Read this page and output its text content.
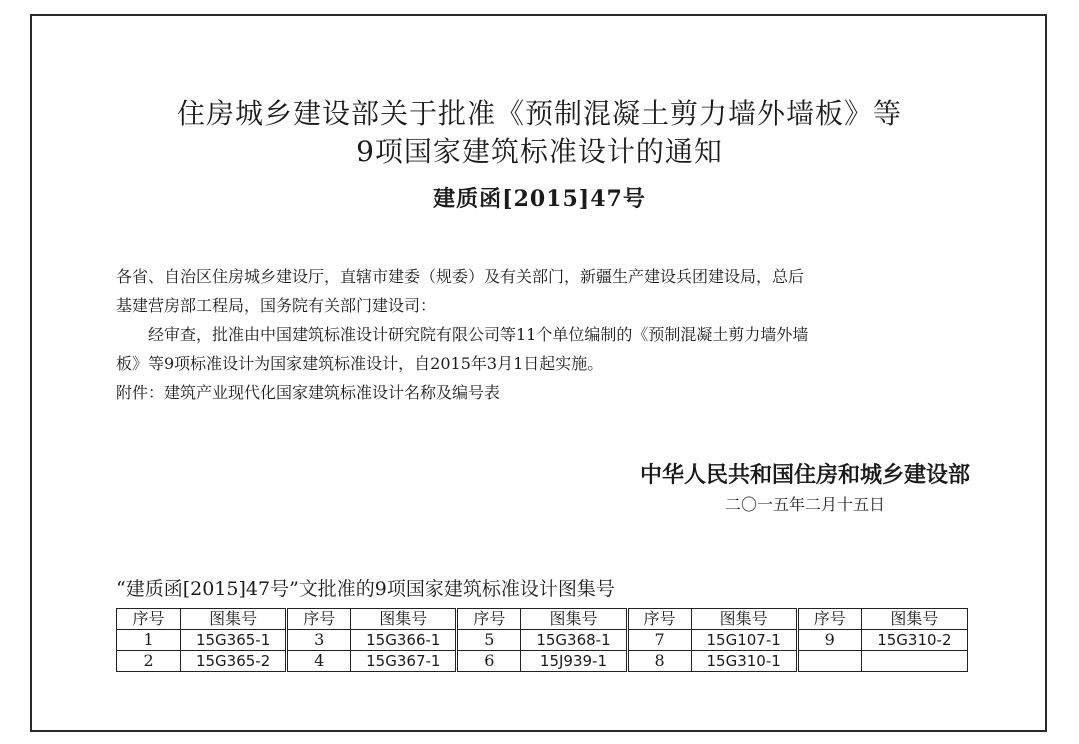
住房城乡建设部关于批准《预制混凝土剪力墙外墙板》等
9项国家建筑标准设计的通知
建质函[2015]47号
各省、自治区住房城乡建设厅，直辖市建委（规委）及有关部门，新疆生产建设兵团建设局，总后
基建营房部工程局，国务院有关部门建设司：
经审查，批准由中国建筑标准设计研究院有限公司等11个单位编制的《预制混凝土剪力墙外墙
板》等9项标准设计为国家建筑标准设计，自2015年3月1日起实施。
附件：建筑产业现代化国家建筑标准设计名称及编号表
中华人民共和国住房和城乡建设部
二〇一五年二月十五日
“建质函[2015]47号”文批准的9项国家建筑标准设计图集号
序号	图集号	序号	图集号	序号	图集号	序号	图集号	序号	图集号
1	15G365-1	3	15G366-1	5	15G368-1	7	15G107-1	9	15G310-2
2	15G365-2	4	15G367-1	6	15J939-1	8	15G310-1		
